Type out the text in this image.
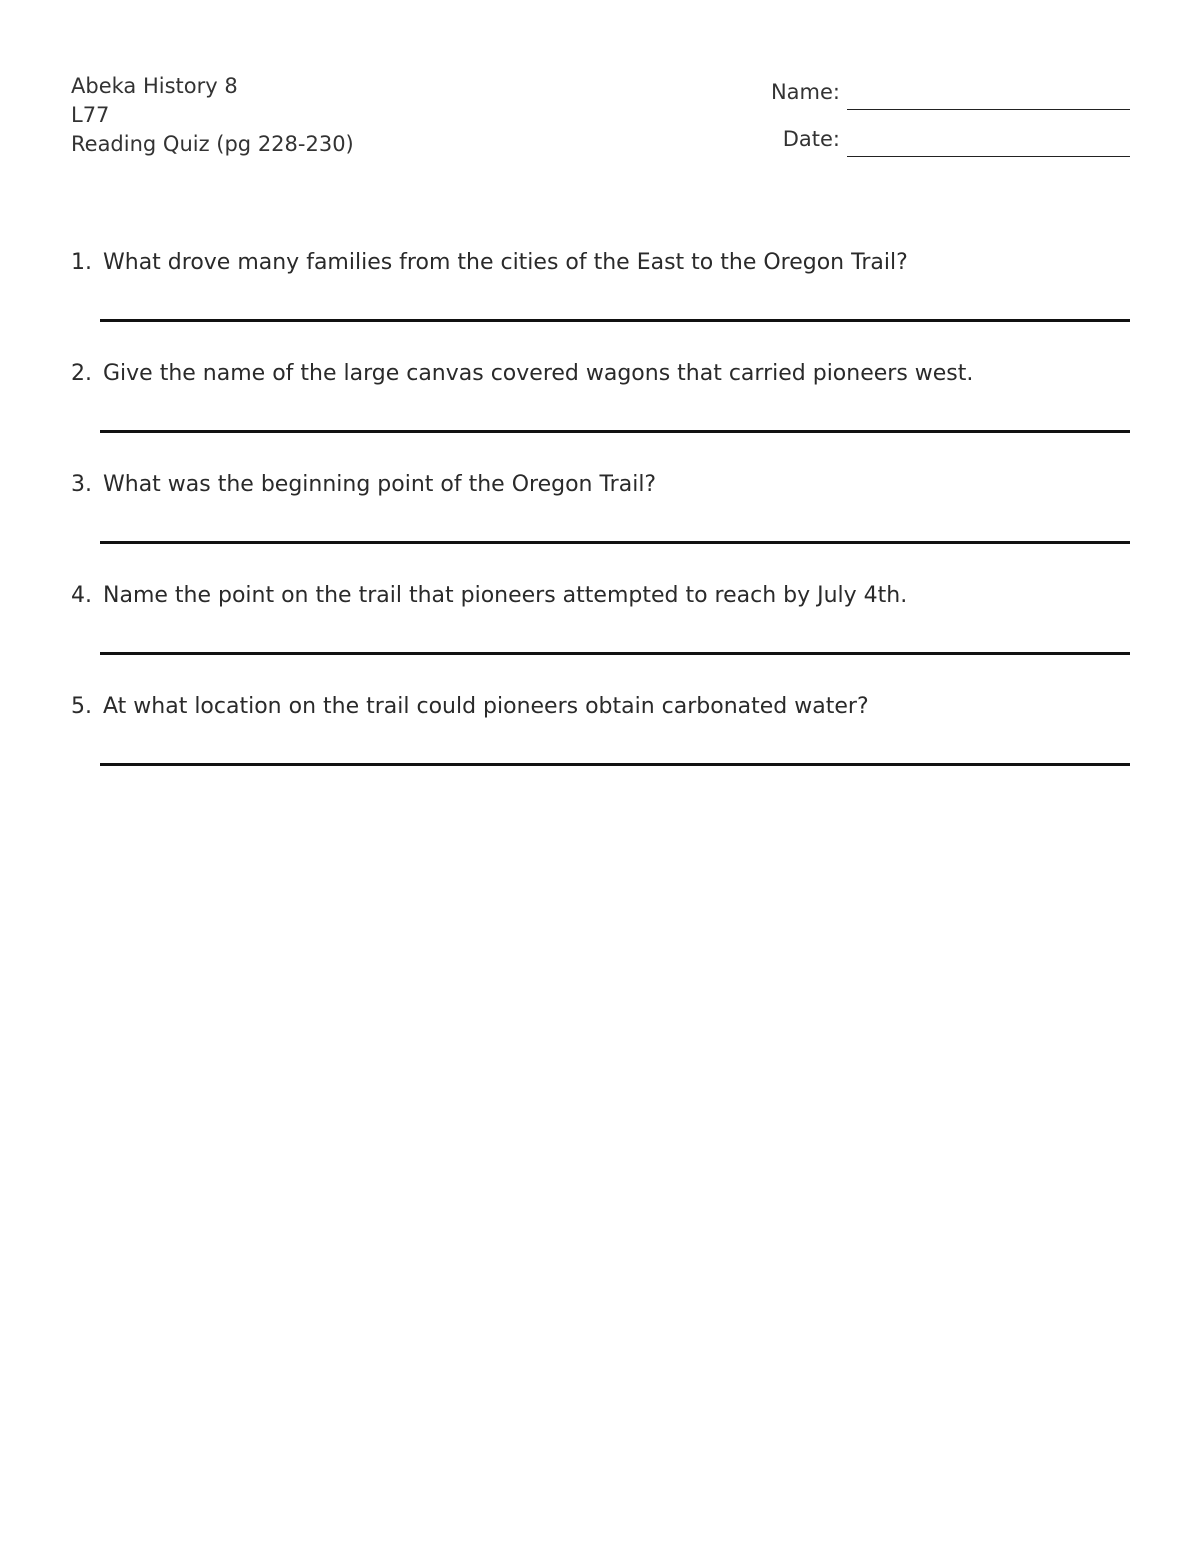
Abeka History 8
L77
Reading Quiz (pg 228-230)
Name:
Date:
1. What drove many families from the cities of the East to the Oregon Trail?
2. Give the name of the large canvas covered wagons that carried pioneers west.
3. What was the beginning point of the Oregon Trail?
4. Name the point on the trail that pioneers attempted to reach by July 4th.
5. At what location on the trail could pioneers obtain carbonated water?
